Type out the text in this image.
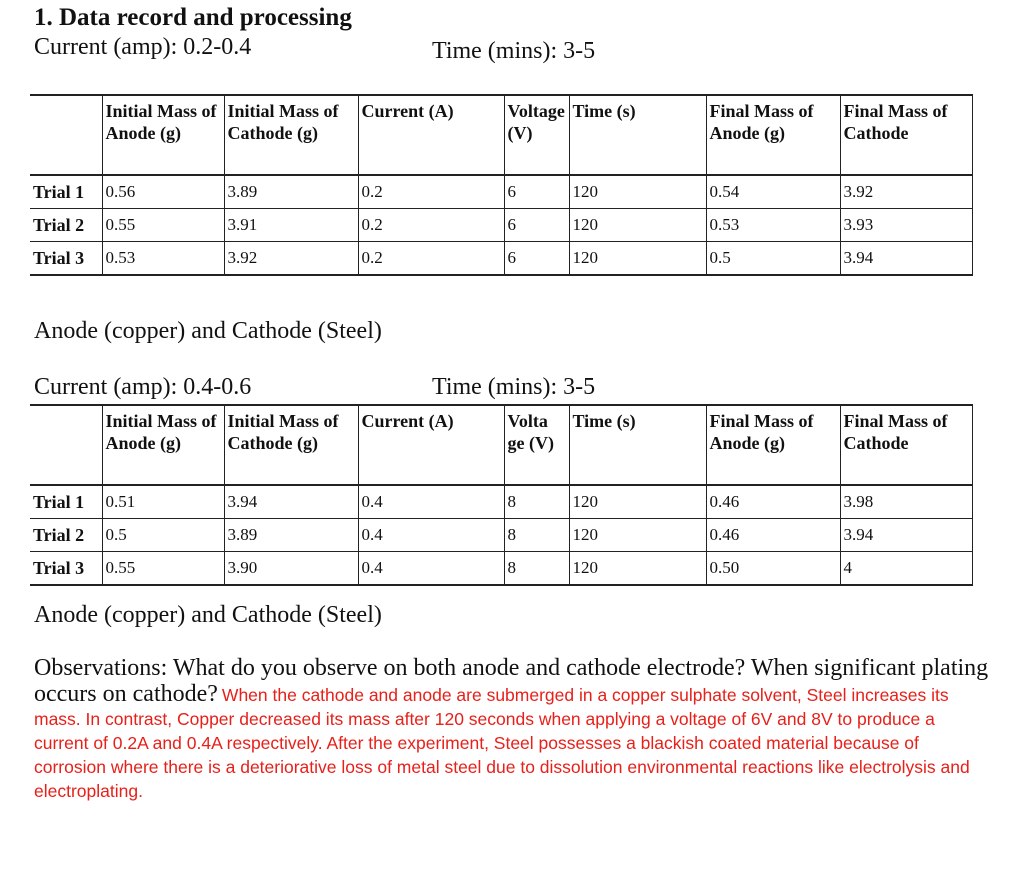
1. Data record and processing
Current (amp): 0.2-0.4	Time (mins): 3-5
	Initial Mass of Anode (g)	Initial Mass of Cathode (g)	Current (A)	Voltage (V)	Time (s)	Final Mass of Anode (g)	Final Mass of Cathode
Trial 1	0.56	3.89	0.2	6	120	0.54	3.92
Trial 2	0.55	3.91	0.2	6	120	0.53	3.93
Trial 3	0.53	3.92	0.2	6	120	0.5	3.94
Anode (copper) and Cathode (Steel)
Current (amp): 0.4-0.6	Time (mins): 3-5
	Initial Mass of Anode (g)	Initial Mass of Cathode (g)	Current (A)	Volta ge (V)	Time (s)	Final Mass of Anode (g)	Final Mass of Cathode
Trial 1	0.51	3.94	0.4	8	120	0.46	3.98
Trial 2	0.5	3.89	0.4	8	120	0.46	3.94
Trial 3	0.55	3.90	0.4	8	120	0.50	4
Anode (copper) and Cathode (Steel)
Observations: What do you observe on both anode and cathode electrode? When significant plating occurs on cathode? When the cathode and anode are submerged in a copper sulphate solvent, Steel increases its mass. In contrast, Copper decreased its mass after 120 seconds when applying a voltage of 6V and 8V to produce a current of 0.2A and 0.4A respectively. After the experiment, Steel possesses a blackish coated material because of corrosion where there is a deteriorative loss of metal steel due to dissolution environmental reactions like electrolysis and electroplating.
